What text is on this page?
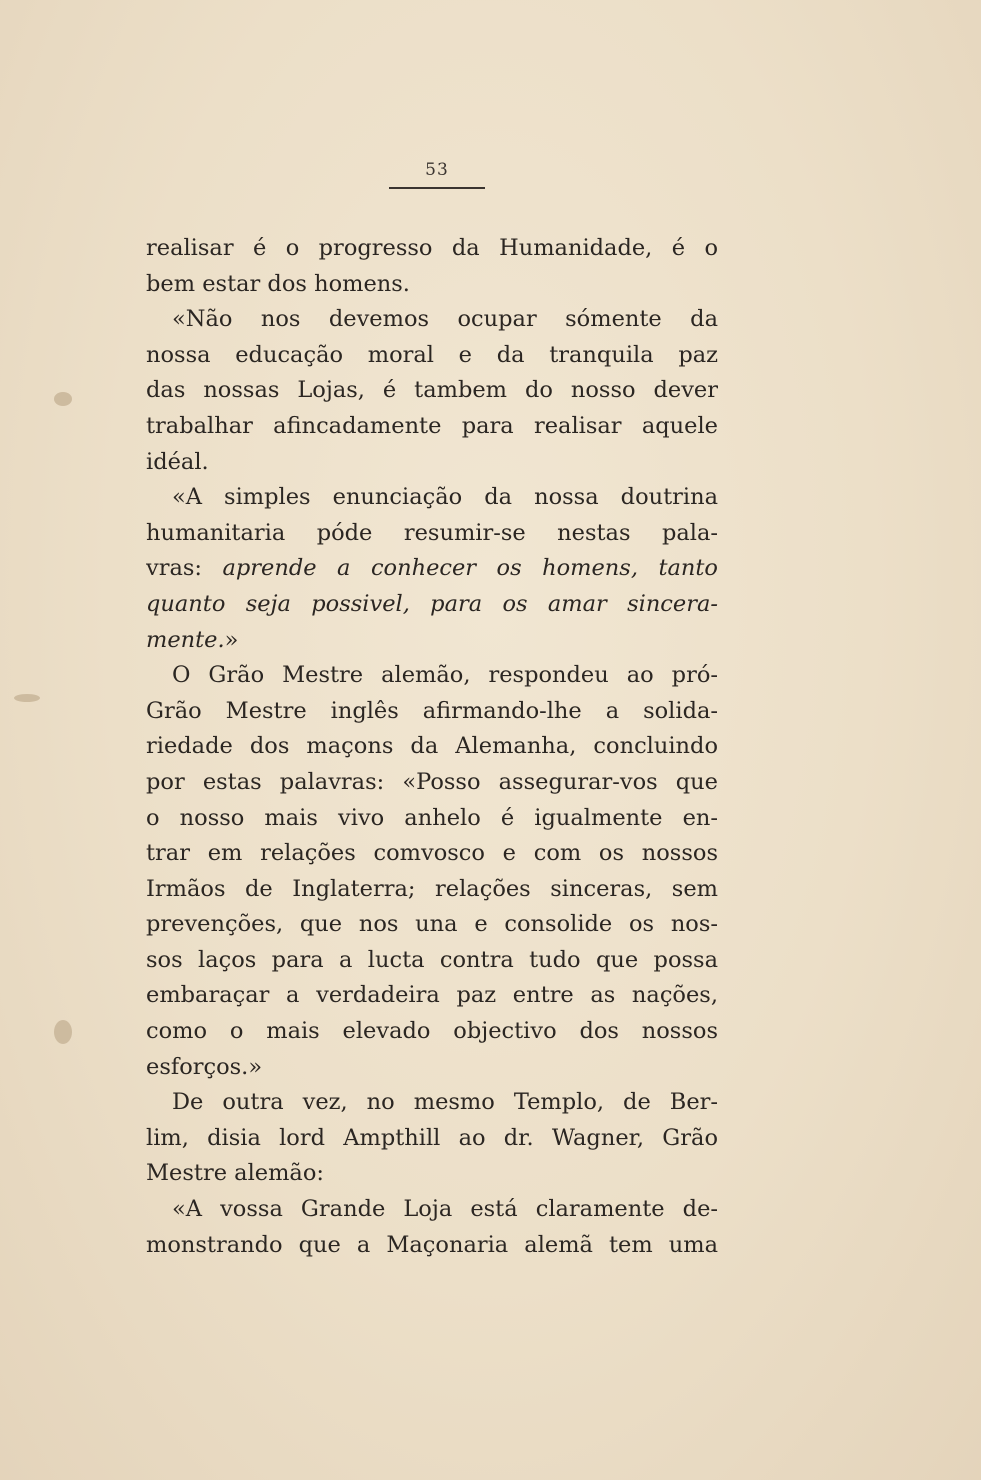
53
realisar é o progresso da Humanidade, é o
bem estar dos homens.
«Não nos devemos ocupar sómente da
nossa educação moral e da tranquila paz
das nossas Lojas, é tambem do nosso dever
trabalhar afincadamente para realisar aquele
idéal.
«A simples enunciação da nossa doutrina
humanitaria póde resumir-se nestas pala-
vras: aprende a conhecer os homens, tanto
quanto seja possivel, para os amar sincera-
mente.»
O Grão Mestre alemão, respondeu ao pró-
Grão Mestre inglês afirmando-lhe a solida-
riedade dos maçons da Alemanha, concluindo
por estas palavras: «Posso assegurar-vos que
o nosso mais vivo anhelo é igualmente en-
trar em relações comvosco e com os nossos
Irmãos de Inglaterra; relações sinceras, sem
prevenções, que nos una e consolide os nos-
sos laços para a lucta contra tudo que possa
embaraçar a verdadeira paz entre as nações,
como o mais elevado objectivo dos nossos
esforços.»
De outra vez, no mesmo Templo, de Ber-
lim, disia lord Ampthill ao dr. Wagner, Grão
Mestre alemão:
«A vossa Grande Loja está claramente de-
monstrando que a Maçonaria alemã tem uma
